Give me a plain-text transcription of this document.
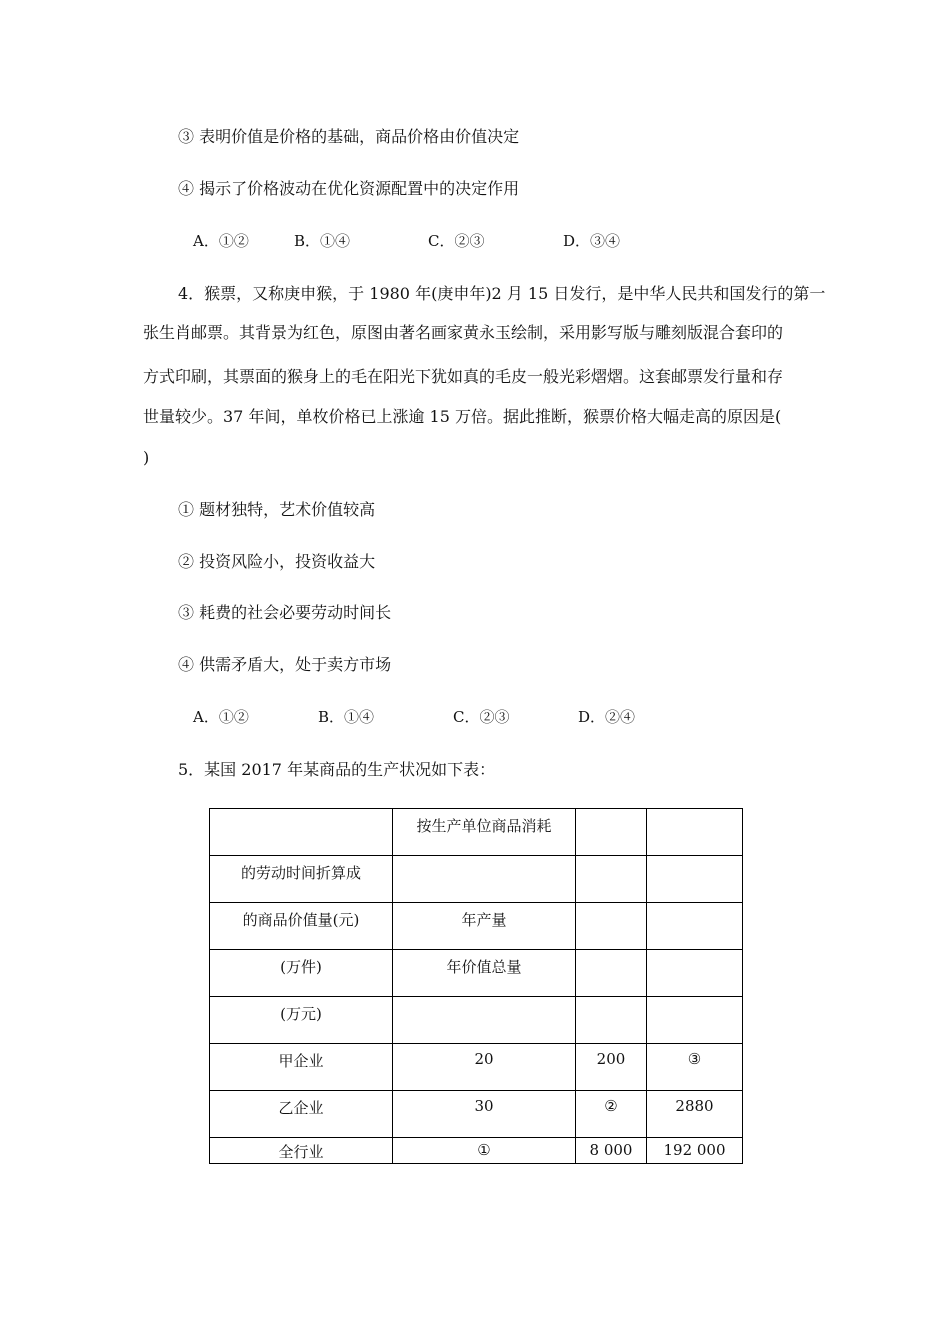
③ 表明价值是价格的基础，商品价格由价值决定
④ 揭示了价格波动在优化资源配置中的决定作用
A．①②	B．①④	C．②③	D．③④
4．猴票，又称庚申猴，于 1980 年(庚申年)2 月 15 日发行，是中华人民共和国发行的第一
张生肖邮票。其背景为红色，原图由著名画家黄永玉绘制，采用影写版与雕刻版混合套印的
方式印刷，其票面的猴身上的毛在阳光下犹如真的毛皮一般光彩熠熠。这套邮票发行量和存
世量较少。37 年间，单枚价格已上涨逾 15 万倍。据此推断，猴票价格大幅走高的原因是(
)
① 题材独特，艺术价值较高
② 投资风险小，投资收益大
③ 耗费的社会必要劳动时间长
④ 供需矛盾大，处于卖方市场
A．①②	B．①④	C．②③	D．②④
5．某国 2017 年某商品的生产状况如下表：
	按生产单位商品消耗		
的劳动时间折算成			
的商品价值量(元)	年产量		
(万件)	年价值总量		
(万元)			
甲企业	20	200	③
乙企业	30	②	2880
全行业	①	8 000	192 000
